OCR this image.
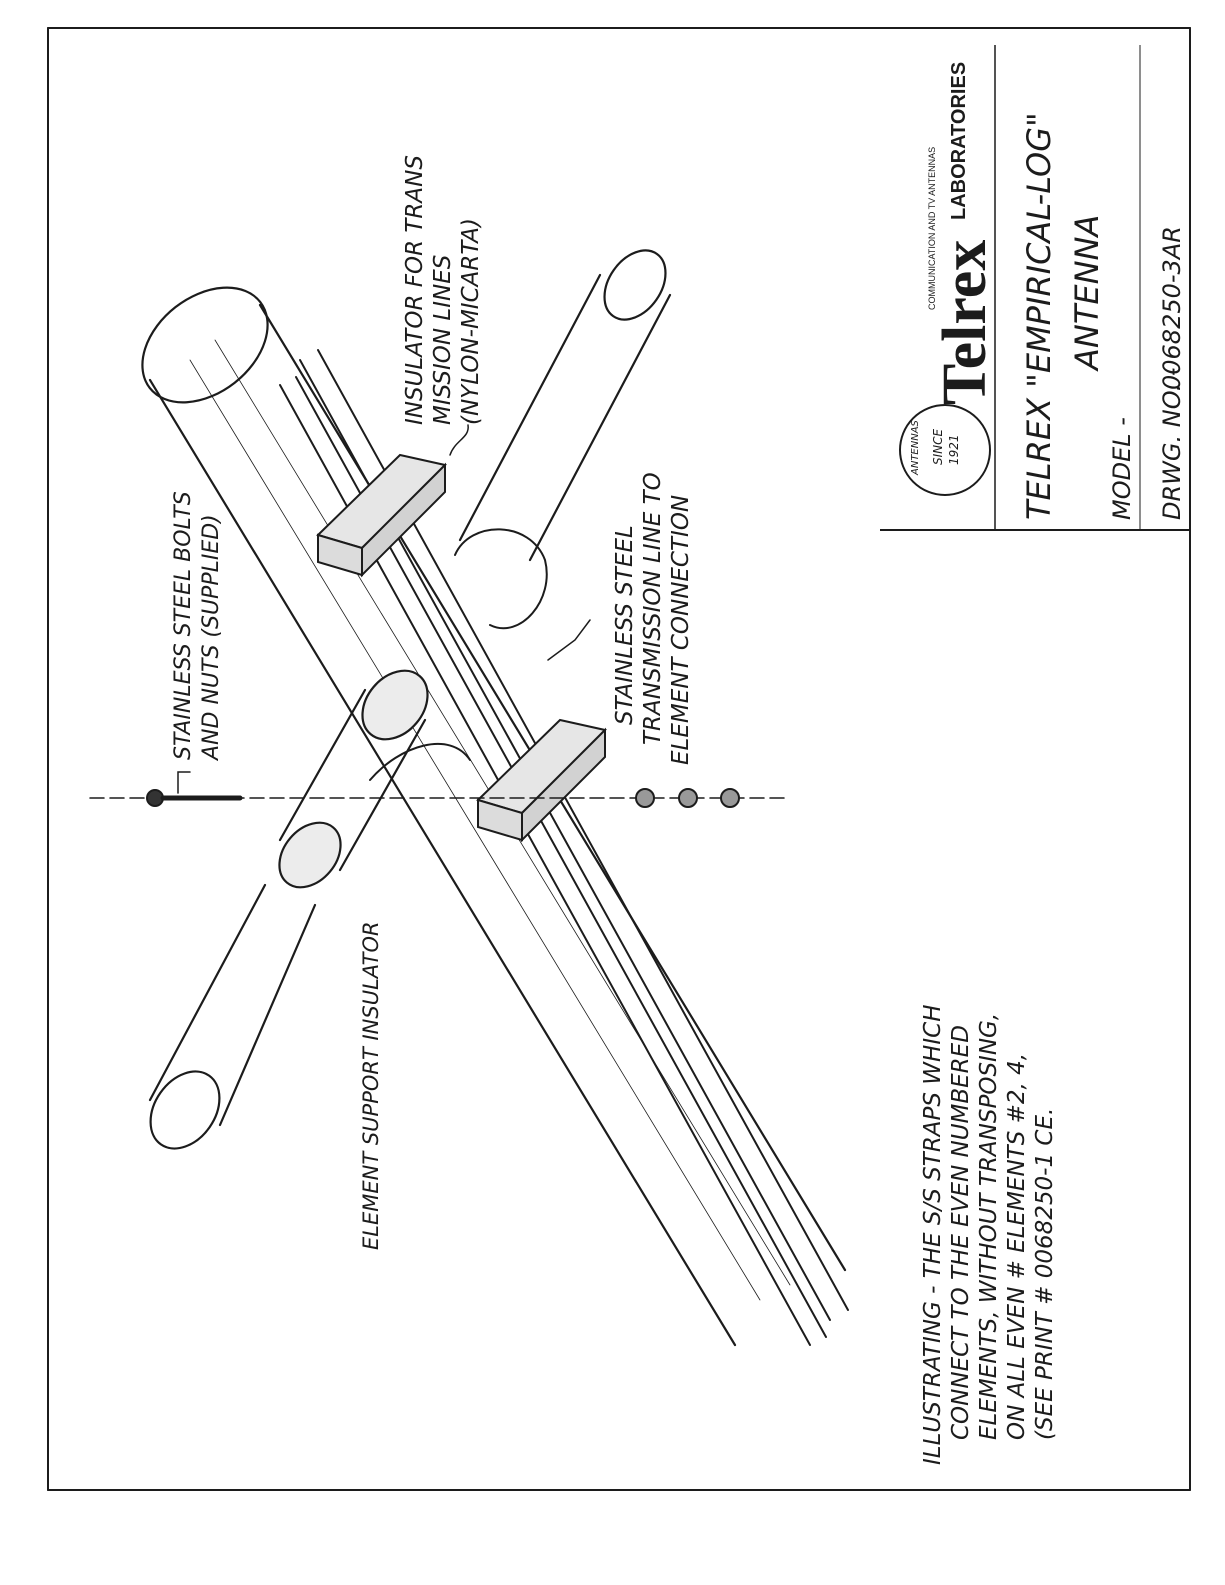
STAINLESS STEEL BOLTS AND NUTS (SUPPLIED)
INSULATOR FOR TRANS MISSION LINES (NYLON-MICARTA)
STAINLESS STEEL TRANSMISSION LINE TO ELEMENT CONNECTION
ELEMENT SUPPORT INSULATOR	ILLUSTRATING - THE S/S STRAPS WHICH CONNECT TO THE EVEN NUMBERED ELEMENTS, WITHOUT TRANSPOSING, ON ALL EVEN # ELEMENTS #2, 4, (SEE PRINT # 0068250-1 CE.
ANTENNAS SINCE 1921
Telrex
LABORATORIES
COMMUNICATION AND TV ANTENNAS	TELREX "EMPIRICAL-LOG" ANTENNA
MODEL - DRWG. NO. -
0068250-3AR
